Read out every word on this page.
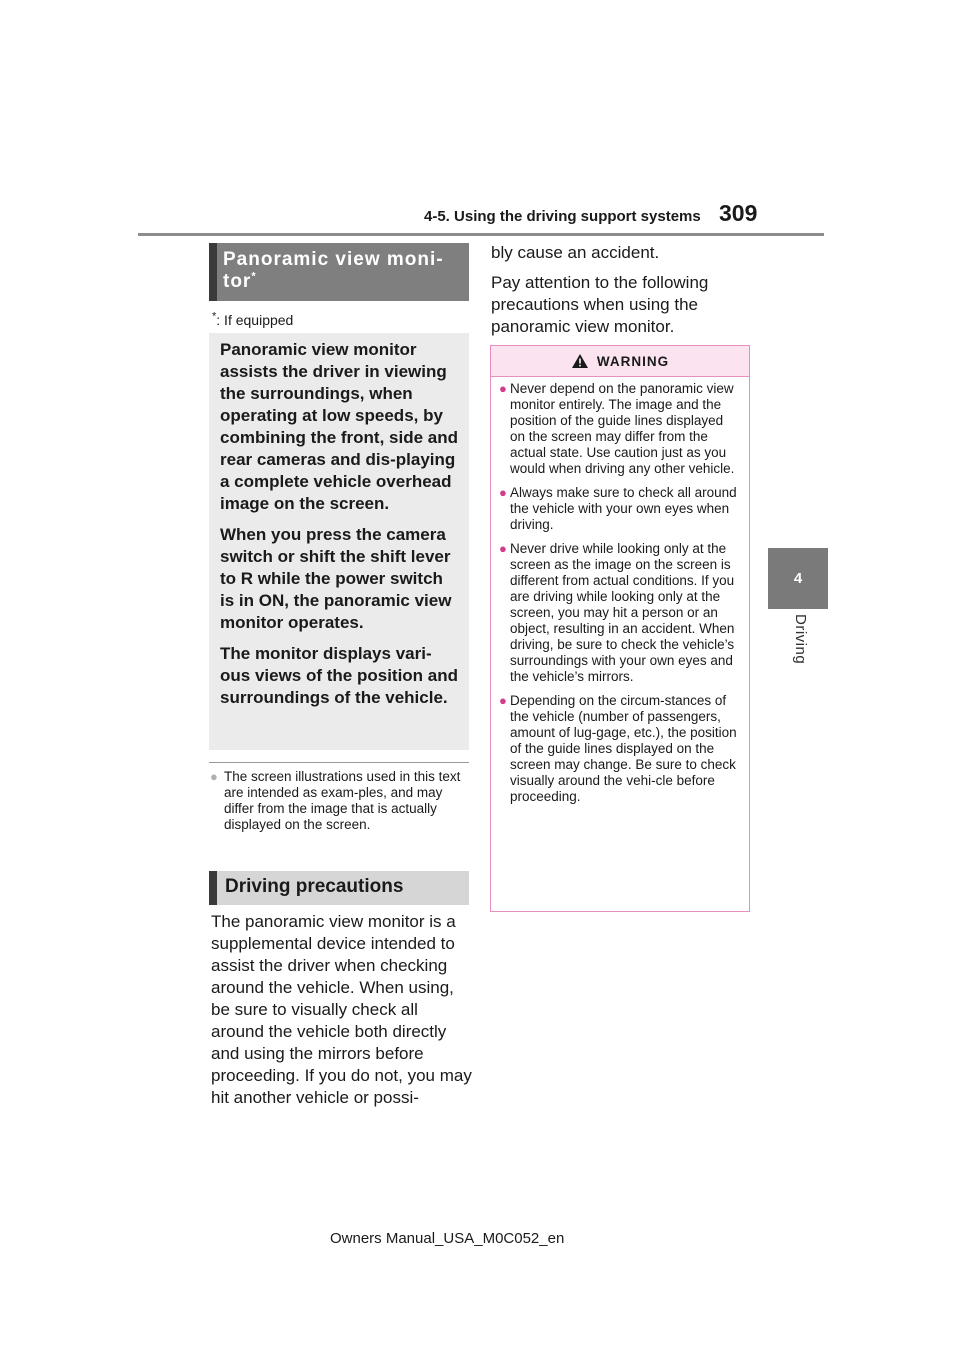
4-5. Using the driving support systems 309
4
Driving
Panoramic view moni-
tor*
*: If equipped

Panoramic view monitor assists the driver in viewing the surroundings, when operating at low speeds, by combining the front, side and rear cameras and dis-playing a complete vehicle overhead image on the screen.

When you press the camera switch or shift the shift lever to R while the power switch is in ON, the panoramic view monitor operates.

The monitor displays vari-ous views of the position and surroundings of the vehicle.

● The screen illustrations used in this text are intended as exam-ples, and may differ from the image that is actually displayed on the screen.
Driving precautions

The panoramic view monitor is a supplemental device intended to assist the driver when checking around the vehicle. When using, be sure to visually check all around the vehicle both directly and using the mirrors before proceeding. If you do not, you may hit another vehicle or possi-

bly cause an accident.

Pay attention to the following precautions when using the panoramic view monitor.

WARNING
● Never depend on the panoramic view monitor entirely. The image and the position of the guide lines displayed on the screen may differ from the actual state. Use caution just as you would when driving any other vehicle.
● Always make sure to check all around the vehicle with your own eyes when driving.
● Never drive while looking only at the screen as the image on the screen is different from actual conditions. If you are driving while looking only at the screen, you may hit a person or an object, resulting in an accident. When driving, be sure to check the vehicle’s surroundings with your own eyes and the vehicle’s mirrors.
● Depending on the circum-stances of the vehicle (number of passengers, amount of lug-gage, etc.), the position of the guide lines displayed on the screen may change. Be sure to check visually around the vehi-cle before proceeding.
Owners Manual_USA_M0C052_en
